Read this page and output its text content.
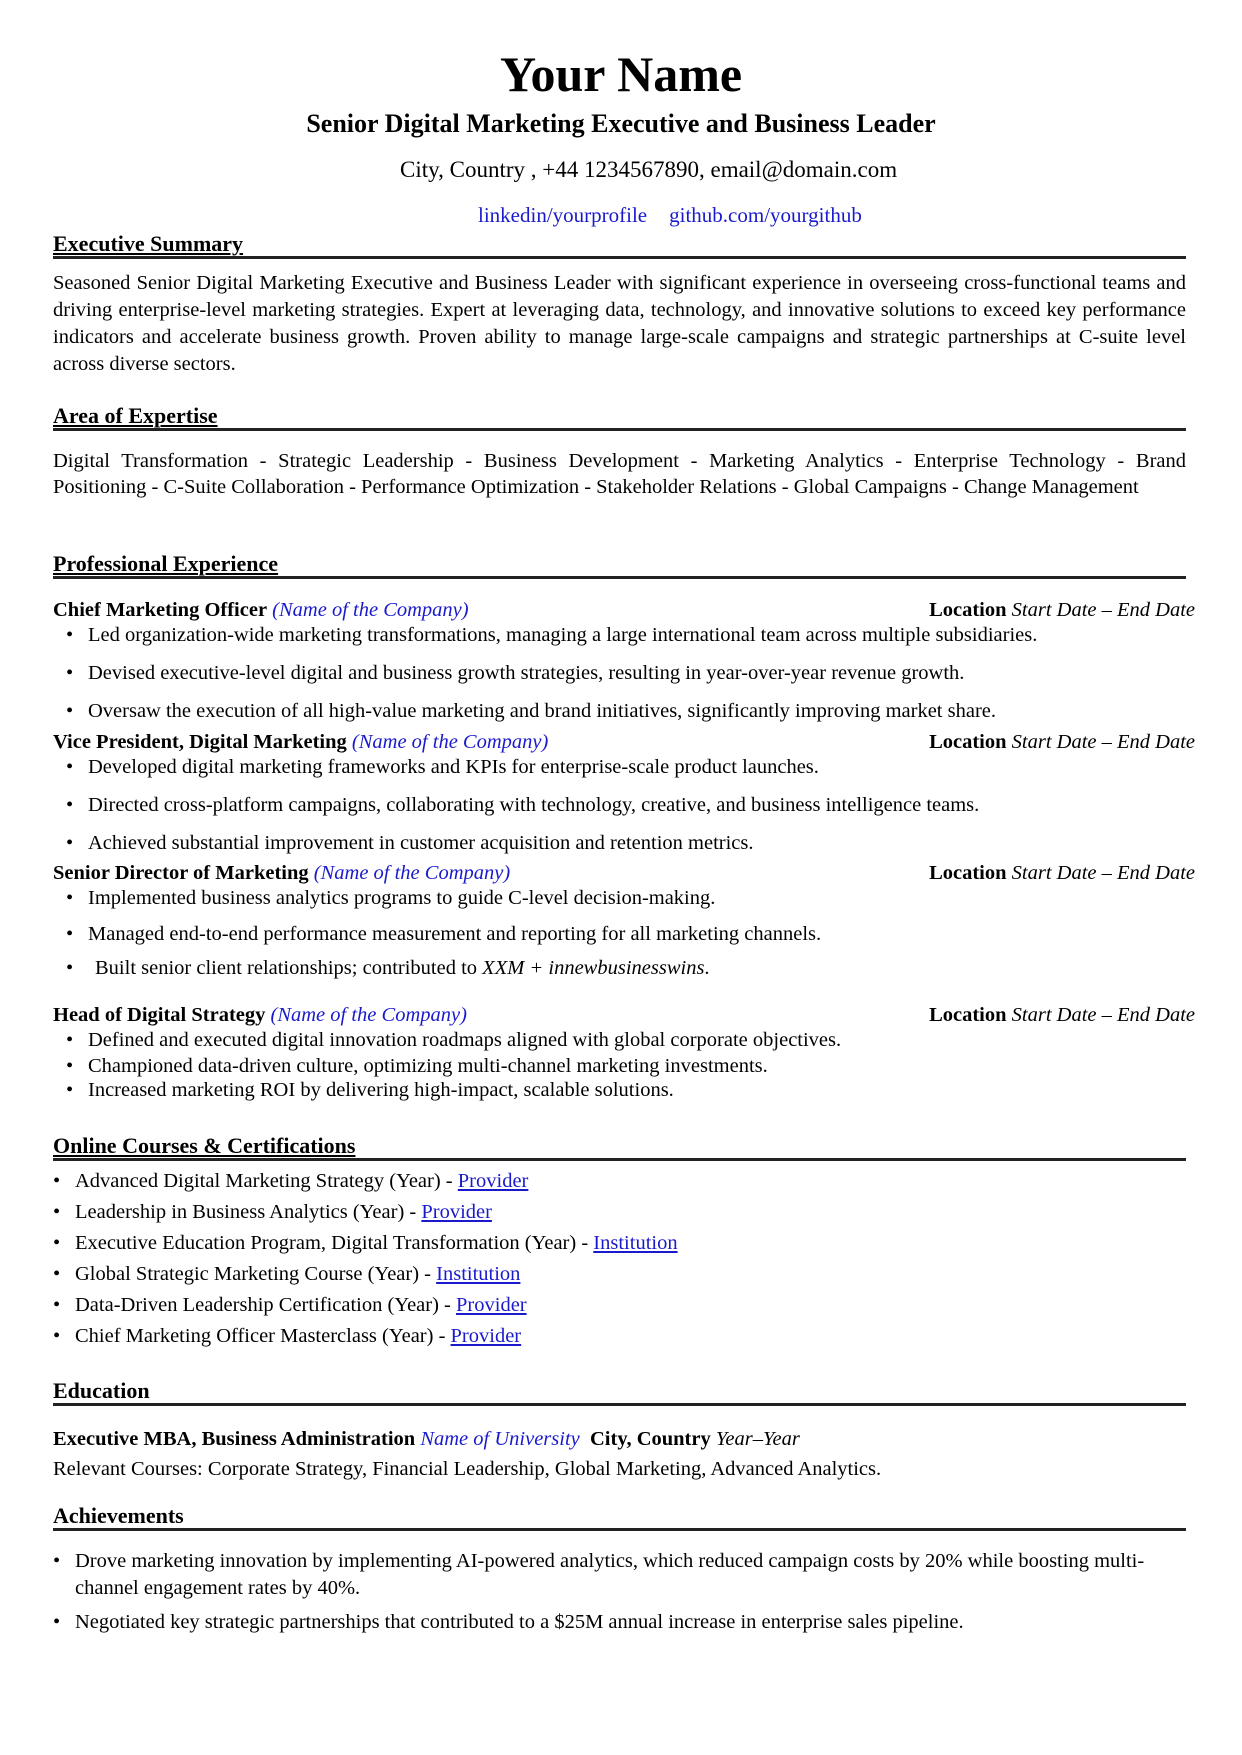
Your Name
Senior Digital Marketing Executive and Business Leader
City, Country , +44 1234567890, email@domain.com
linkedin/yourprofile github.com/yourgithub
Executive Summary
Seasoned Senior Digital Marketing Executive and Business Leader with significant experience in overseeing cross-functional teams and driving enterprise-level marketing strategies. Expert at leveraging data, technology, and innovative solutions to exceed key performance indicators and accelerate business growth. Proven ability to manage large-scale campaigns and strategic partnerships at C-suite level across diverse sectors.
Area of Expertise
Digital Transformation - Strategic Leadership - Business Development - Marketing Analytics - Enterprise Technology - Brand Positioning - C-Suite Collaboration - Performance Optimization - Stakeholder Relations - Global Campaigns - Change Management
Professional Experience
Chief Marketing Officer (Name of the Company)	Location Start Date – End Date
• Led organization-wide marketing transformations, managing a large international team across multiple subsidiaries.
• Devised executive-level digital and business growth strategies, resulting in year-over-year revenue growth.
• Oversaw the execution of all high-value marketing and brand initiatives, significantly improving market share.
Vice President, Digital Marketing (Name of the Company)	Location Start Date – End Date
• Developed digital marketing frameworks and KPIs for enterprise-scale product launches.
• Directed cross-platform campaigns, collaborating with technology, creative, and business intelligence teams.
• Achieved substantial improvement in customer acquisition and retention metrics.
Senior Director of Marketing (Name of the Company)	Location Start Date – End Date
• Implemented business analytics programs to guide C-level decision-making.
• Managed end-to-end performance measurement and reporting for all marketing channels.
• Built senior client relationships; contributed to XXM + innewbusinesswins.
Head of Digital Strategy (Name of the Company)	Location Start Date – End Date
• Defined and executed digital innovation roadmaps aligned with global corporate objectives.
• Championed data-driven culture, optimizing multi-channel marketing investments.
• Increased marketing ROI by delivering high-impact, scalable solutions.
Online Courses & Certifications
• Advanced Digital Marketing Strategy (Year) - Provider
• Leadership in Business Analytics (Year) - Provider
• Executive Education Program, Digital Transformation (Year) - Institution
• Global Strategic Marketing Course (Year) - Institution
• Data-Driven Leadership Certification (Year) - Provider
• Chief Marketing Officer Masterclass (Year) - Provider
Education
Executive MBA, Business Administration Name of University City, Country Year–Year
Relevant Courses: Corporate Strategy, Financial Leadership, Global Marketing, Advanced Analytics.
Achievements
• Drove marketing innovation by implementing AI-powered analytics, which reduced campaign costs by 20% while boosting multi-channel engagement rates by 40%.
• Negotiated key strategic partnerships that contributed to a $25M annual increase in enterprise sales pipeline.
